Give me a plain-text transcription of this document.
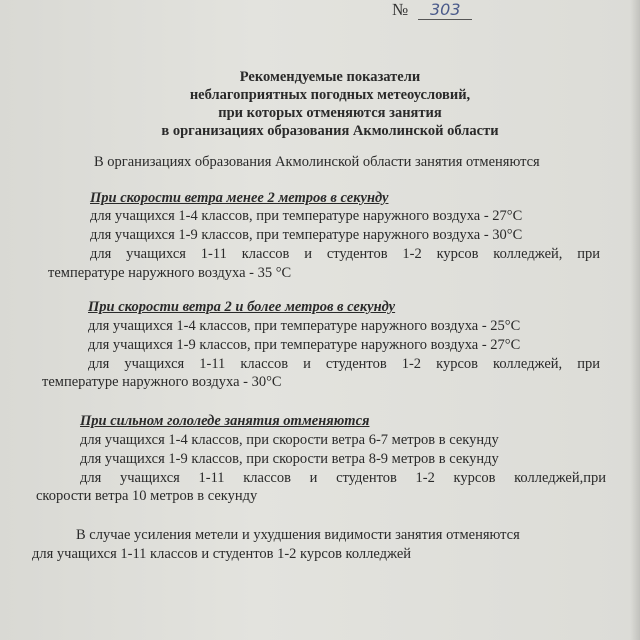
№ 303
Рекомендуемые показатели
неблагоприятных погодных метеоусловий,
при которых отменяются занятия
в организациях образования Акмолинской области
В организациях образования Акмолинской области занятия отменяются
При скорости ветра менее 2 метров в секунду
для учащихся 1-4 классов, при температуре наружного воздуха - 27°С
для учащихся 1-9 классов, при температуре наружного воздуха - 30°С
для учащихся 1-11 классов и студентов 1-2 курсов колледжей, при
температуре наружного воздуха - 35 °С
При скорости ветра 2 и более метров в секунду
для учащихся 1-4 классов, при температуре наружного воздуха - 25°С
для учащихся 1-9 классов, при температуре наружного воздуха - 27°С
для учащихся 1-11 классов и студентов 1-2 курсов колледжей, при
температуре наружного воздуха - 30°С
При сильном гололеде занятия отменяются
для учащихся 1-4 классов, при скорости ветра 6-7 метров в секунду
для учащихся 1-9 классов, при скорости ветра 8-9 метров в секунду
для учащихся 1-11 классов и студентов 1-2 курсов колледжей,при
скорости ветра 10 метров в секунду
В случае усиления метели и ухудшения видимости занятия отменяются
для учащихся 1-11 классов и студентов 1-2 курсов колледжей
